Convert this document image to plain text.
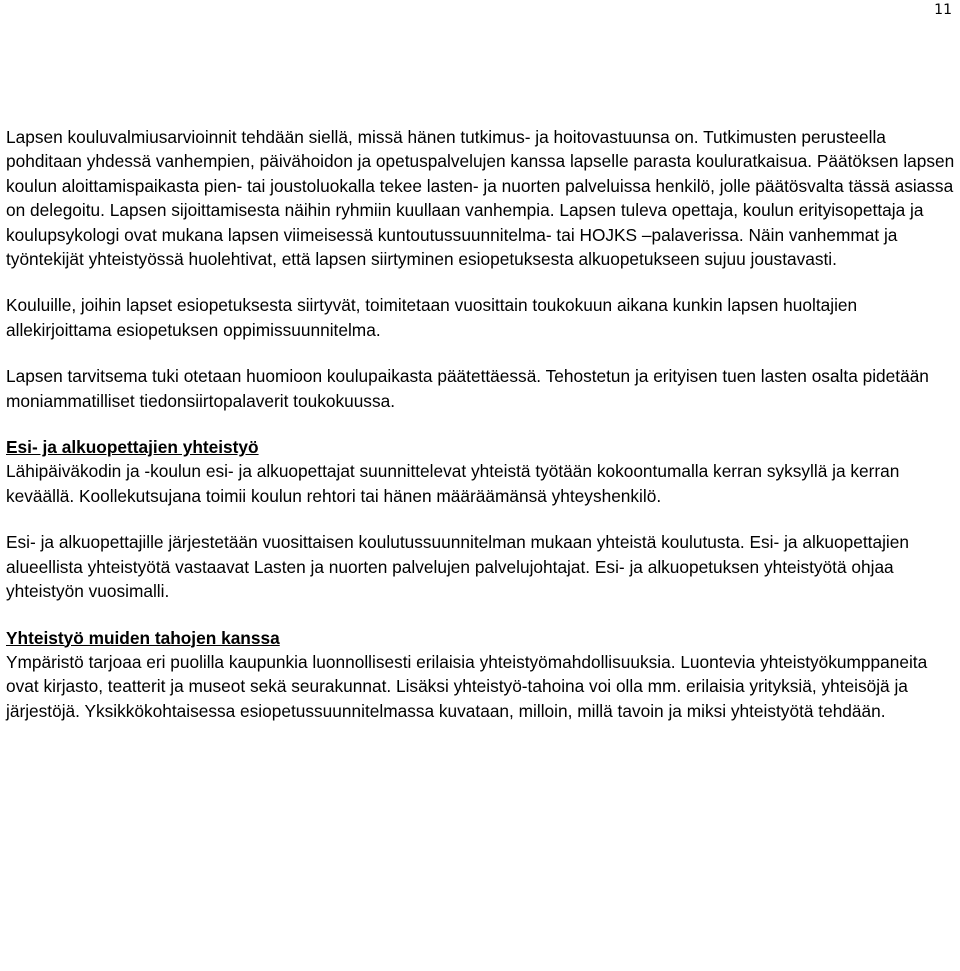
11

Lapsen kouluvalmiusarvioinnit tehdään siellä, missä hänen tutkimus- ja hoitovastuunsa on. Tutkimusten perusteella pohditaan yhdessä vanhempien, päivähoidon ja opetuspalvelujen kanssa lapselle parasta kouluratkaisua. Päätöksen lapsen koulun aloittamispaikasta pien- tai joustoluokalla tekee lasten- ja nuorten palveluissa henkilö, jolle päätösvalta tässä asiassa on delegoitu. Lapsen sijoittamisesta näihin ryhmiin kuullaan vanhempia. Lapsen tuleva opettaja, koulun erityisopettaja ja koulupsykologi ovat mukana lapsen viimeisessä kuntoutussuunnitelma- tai HOJKS –palaverissa. Näin vanhemmat ja työntekijät yhteistyössä huolehtivat, että lapsen siirtyminen esiopetuksesta alkuopetukseen sujuu joustavasti.

Kouluille, joihin lapset esiopetuksesta siirtyvät, toimitetaan vuosittain toukokuun aikana kunkin lapsen huoltajien allekirjoittama esiopetuksen oppimissuunnitelma.

Lapsen tarvitsema tuki otetaan huomioon koulupaikasta päätettäessä. Tehostetun ja erityisen tuen lasten osalta pidetään moniammatilliset tiedonsiirtopalaverit toukokuussa.

Esi- ja alkuopettajien yhteistyö

Lähipäiväkodin ja -koulun esi- ja alkuopettajat suunnittelevat yhteistä työtään kokoontumalla kerran syksyllä ja kerran keväällä. Koollekutsujana toimii koulun rehtori tai hänen määräämänsä yhteyshenkilö.

Esi- ja alkuopettajille järjestetään vuosittaisen koulutussuunnitelman mukaan yhteistä koulutusta. Esi- ja alkuopettajien alueellista yhteistyötä vastaavat Lasten ja nuorten palvelujen palvelujohtajat. Esi- ja alkuopetuksen yhteistyötä ohjaa yhteistyön vuosimalli.

Yhteistyö muiden tahojen kanssa

Ympäristö tarjoaa eri puolilla kaupunkia luonnollisesti erilaisia yhteistyömahdollisuuksia. Luontevia yhteistyökumppaneita ovat kirjasto, teatterit ja museot sekä seurakunnat. Lisäksi yhteistyö-tahoina voi olla mm. erilaisia yrityksiä, yhteisöjä ja järjestöjä. Yksikkökohtaisessa esiopetussuunnitelmassa kuvataan, milloin, millä tavoin ja miksi yhteistyötä tehdään.
